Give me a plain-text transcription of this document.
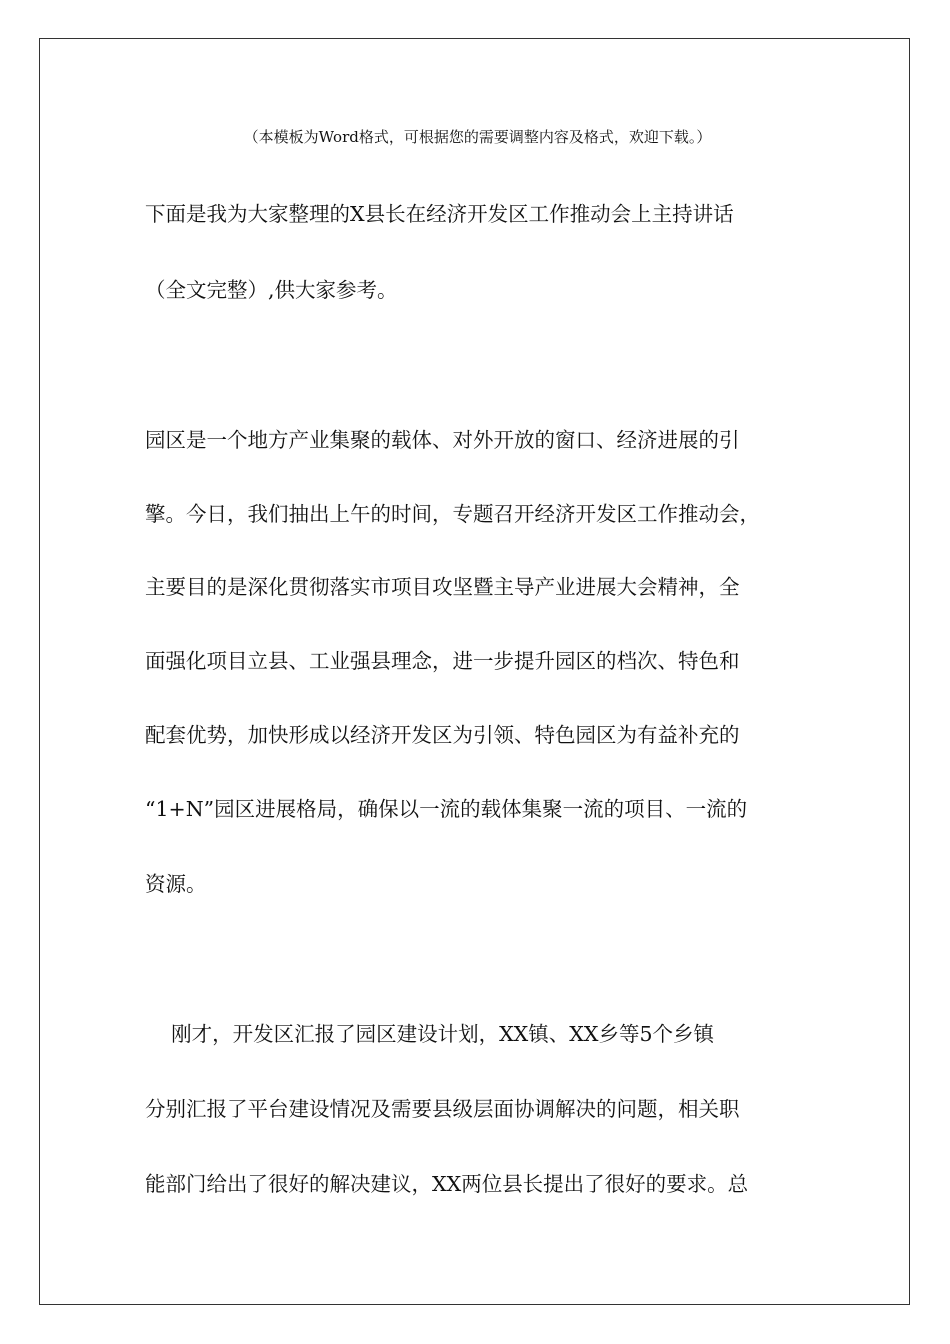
（本模板为Word格式，可根据您的需要调整内容及格式，欢迎下载。）
下面是我为大家整理的X县长在经济开发区工作推动会上主持讲话
（全文完整）,供大家参考。
园区是一个地方产业集聚的载体、对外开放的窗口、经济进展的引
擎。今日，我们抽出上午的时间，专题召开经济开发区工作推动会，
主要目的是深化贯彻落实市项目攻坚暨主导产业进展大会精神，全
面强化项目立县、工业强县理念，进一步提升园区的档次、特色和
配套优势，加快形成以经济开发区为引领、特色园区为有益补充的
“1+N”园区进展格局，确保以一流的载体集聚一流的项目、一流的
资源。
刚才，开发区汇报了园区建设计划，XX镇、XX乡等5个乡镇
分别汇报了平台建设情况及需要县级层面协调解决的问题，相关职
能部门给出了很好的解决建议，XX两位县长提出了很好的要求。总
